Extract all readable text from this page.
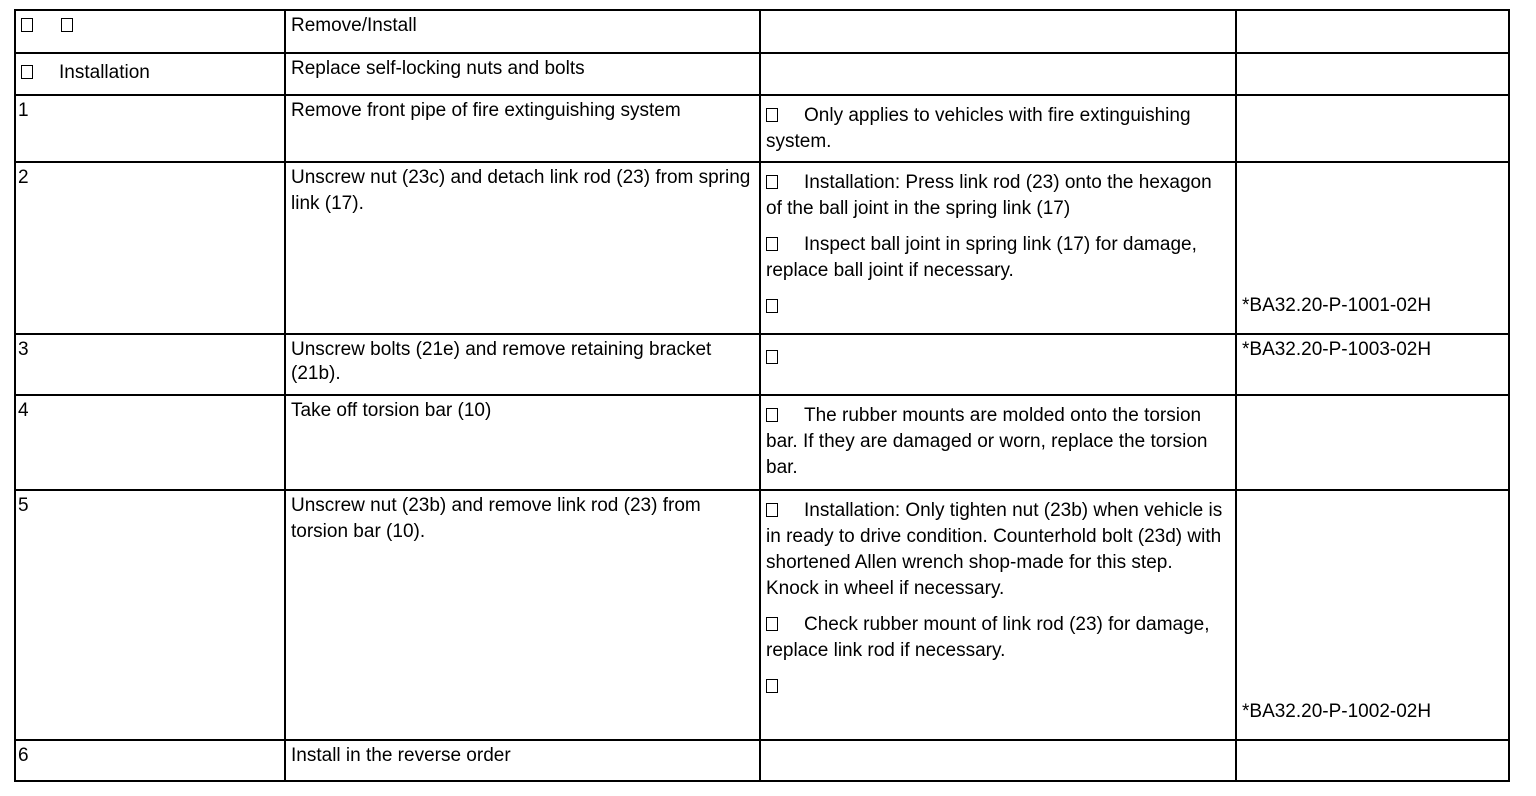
	Remove/Install		
Installation	Replace self-locking nuts and bolts		
1	Remove front pipe of fire extinguishing system	Only applies to vehicles with fire extinguishing system.	

2	Unscrew nut (23c) and detach link rod (23) from spring link (17).	Installation: Press link rod (23) onto the hexagon of the ball joint in the spring link (17)
Inspect ball joint in spring link (17) for damage, replace ball joint if necessary.	*BA32.20-P-1001-02H
3	Unscrew bolts (21e) and remove retaining bracket (21b).		*BA32.20-P-1003-02H
4	Take off torsion bar (10)	The rubber mounts are molded onto the torsion bar. If they are damaged or worn, replace the torsion bar.	

5	Unscrew nut (23b) and remove link rod (23) from torsion bar (10).	Installation: Only tighten nut (23b) when vehicle is in ready to drive condition. Counterhold bolt (23d) with shortened Allen wrench shop-made for this step. Knock in wheel if necessary.
Check rubber mount of link rod (23) for damage, replace link rod if necessary.	*BA32.20-P-1002-02H
6	Install in the reverse order		
